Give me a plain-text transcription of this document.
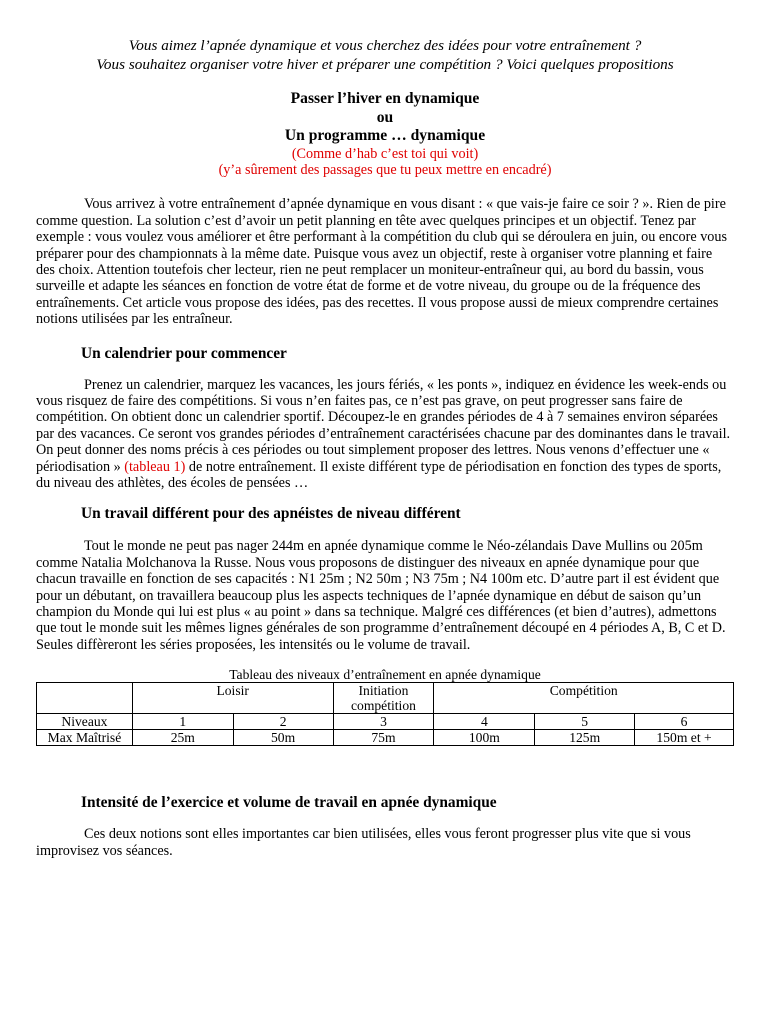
Vous aimez l’apnée dynamique et vous cherchez des idées pour votre entraînement ?

Vous souhaitez organiser votre hiver et préparer une compétition ? Voici quelques propositions

Passer l’hiver en dynamique
ou
Un programme … dynamique
(Comme d’hab c’est toi qui voit)
(y’a sûrement des passages que tu peux mettre en encadré)

Vous arrivez à votre entraînement d’apnée dynamique en vous disant : « que vais-je faire ce soir ? ». Rien de pire comme question. La solution c’est d’avoir un petit planning en tête avec quelques principes et un objectif. Tenez par exemple : vous voulez vous améliorer et être performant à la compétition du club qui se déroulera en juin, ou encore vous préparer pour des championnats à la même date. Puisque vous avez un objectif, reste à organiser votre planning et faire des choix. Attention toutefois cher lecteur, rien ne peut remplacer un moniteur-entraîneur qui, au bord du bassin, vous surveille et adapte les séances en fonction de votre état de forme et de votre niveau, du groupe ou de la fréquence des entraînements. Cet article vous propose des idées, pas des recettes. Il vous propose aussi de mieux comprendre certaines notions utilisées par les entraîneur.

Un calendrier pour commencer

Prenez un calendrier, marquez les vacances, les jours fériés, « les ponts », indiquez en évidence les week-ends ou vous risquez de faire des compétitions. Si vous n’en faites pas, ce n’est pas grave, on peut progresser sans faire de compétition. On obtient donc un calendrier sportif. Découpez-le en grandes périodes de 4 à 7 semaines environ séparées par des vacances. Ce seront vos grandes périodes d’entraînement caractérisées chacune par des dominantes dans le travail. On peut donner des noms précis à ces périodes ou tout simplement proposer des lettres. Nous venons d’effectuer une « périodisation » (tableau 1) de notre entraînement. Il existe différent type de périodisation en fonction des types de sports, du niveau des athlètes, des écoles de pensées …

Un travail différent pour des apnéistes de niveau différent

Tout le monde ne peut pas nager 244m en apnée dynamique comme le Néo-zélandais Dave Mullins ou 205m comme Natalia Molchanova la Russe. Nous vous proposons de distinguer des niveaux en apnée dynamique pour que chacun travaille en fonction de ses capacités : N1 25m ; N2 50m ; N3 75m ; N4 100m etc. D’autre part il est évident que pour un débutant, on travaillera beaucoup plus les aspects techniques de l’apnée dynamique en début de saison qu’un champion du Monde qui lui est plus « au point » dans sa technique. Malgré ces différences (et bien d’autres), admettons que tout le monde suit les mêmes lignes générales de son programme d’entraînement découpé en 4 périodes A, B, C et D. Seules diffèreront les séries proposées, les intensités ou le volume de travail.

Tableau des niveaux d’entraînement en apnée dynamique
	Loisir		Initiation compétition	Compétition		
Niveaux	1	2	3	4	5	6
Max Maîtrisé	25m	50m	75m	100m	125m	150m et +
Intensité de l’exercice et volume de travail en apnée dynamique

Ces deux notions sont elles importantes car bien utilisées, elles vous feront progresser plus vite que si vous improvisez vos séances.
